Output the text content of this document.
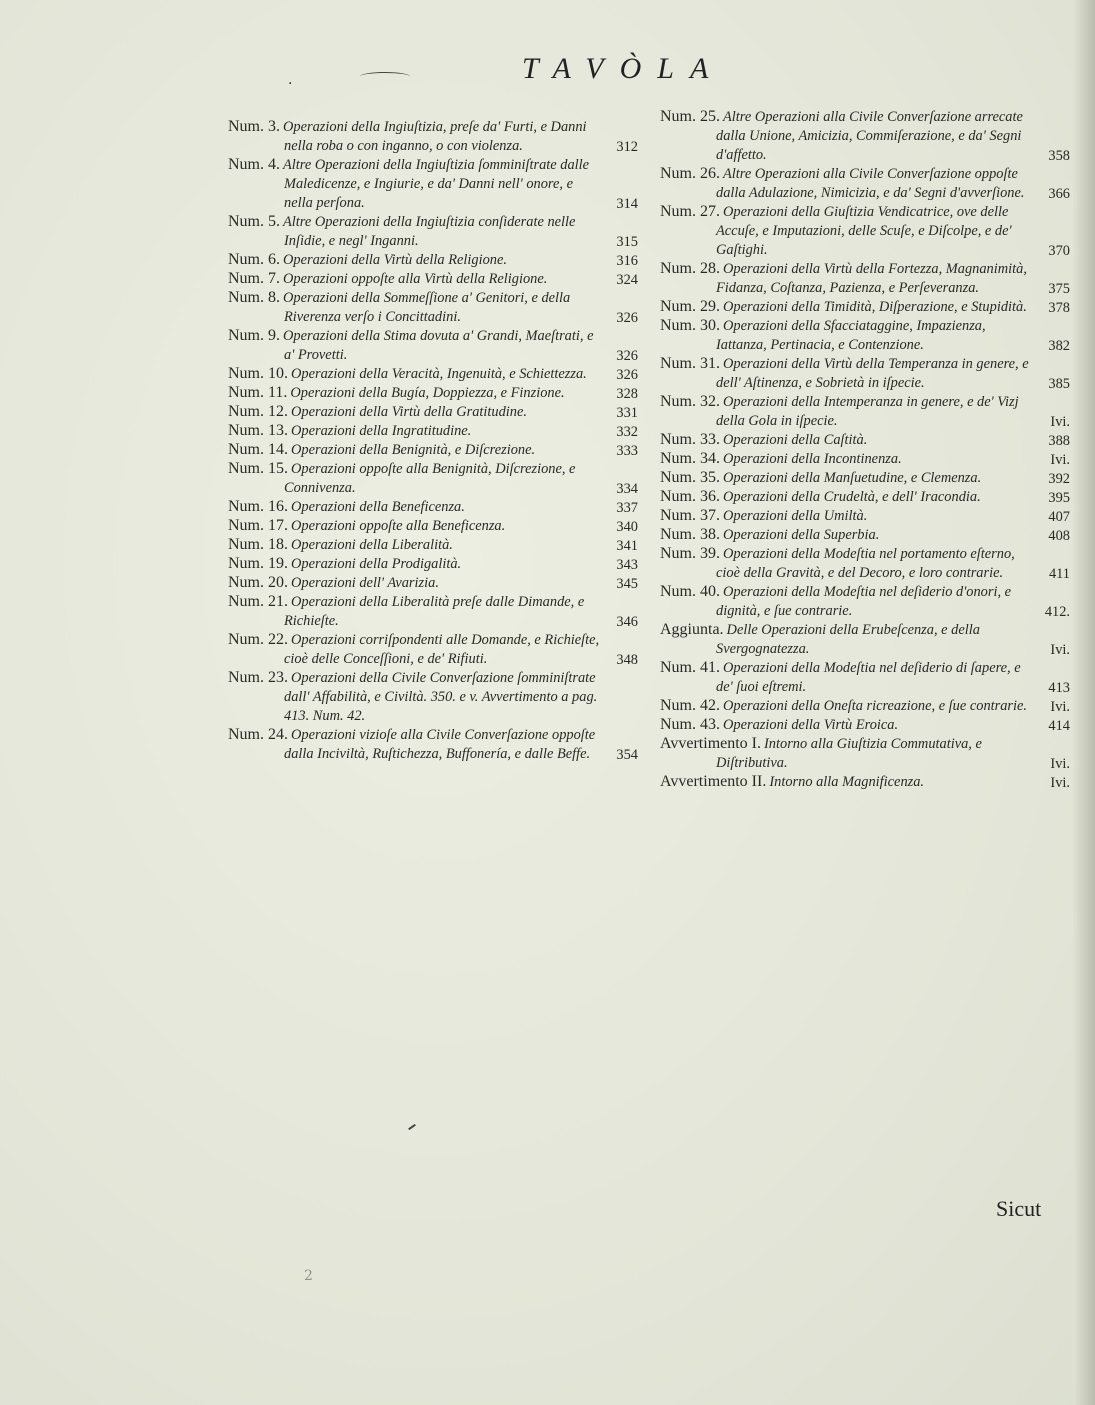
.	TAVÒLA
Num. 3. Operazioni della Ingiuſtizia, preſe da' Furti, e Danni nella roba o con inganno, o con violenza.	312
Num. 4. Altre Operazioni della Ingiuſtizia ſomminiſtrate dalle Maledicenze, e Ingiurie, e da' Danni nell' onore, e nella perſona.	314
Num. 5. Altre Operazioni della Ingiuſtizia conſiderate nelle Inſidie, e negl' Inganni.	315
Num. 6. Operazioni della Virtù della Religione.	316
Num. 7. Operazioni oppoſte alla Virtù della Religione.	324
Num. 8. Operazioni della Sommeſſione a' Genitori, e della Riverenza verſo i Concittadini.	326
Num. 9. Operazioni della Stima dovuta a' Grandi, Maeſtrati, e a' Provetti.	326
Num. 10. Operazioni della Veracità, Ingenuità, e Schiettezza.	326
Num. 11. Operazioni della Bugía, Doppiezza, e Finzione.	328
Num. 12. Operazioni della Virtù della Gratitudine.	331
Num. 13. Operazioni della Ingratitudine.	332
Num. 14. Operazioni della Benignità, e Diſcrezione.	333
Num. 15. Operazioni oppoſte alla Benignità, Diſcrezione, e Connivenza.	334
Num. 16. Operazioni della Beneficenza.	337
Num. 17. Operazioni oppoſte alla Beneficenza.	340
Num. 18. Operazioni della Liberalità.	341
Num. 19. Operazioni della Prodigalità.	343
Num. 20. Operazioni dell' Avarizia.	345
Num. 21. Operazioni della Liberalità preſe dalle Dimande, e Richieſte.	346
Num. 22. Operazioni corriſpondenti alle Domande, e Richieſte, cioè delle Conceſſioni, e de' Rifiuti.	348
Num. 23. Operazioni della Civile Converſazione ſomminiſtrate dall' Affabilità, e Civiltà. 350. e v. Avvertimento a pag. 413. Num. 42.
Num. 24. Operazioni vizioſe alla Civile Converſazione oppoſte dalla Inciviltà, Ruſtichezza, Buffonería, e dalle Beffe.	354
Num. 25. Altre Operazioni alla Civile Converſazione arrecate dalla Unione, Amicizia, Commiſerazione, e da' Segni d'affetto.	358
Num. 26. Altre Operazioni alla Civile Converſazione oppoſte dalla Adulazione, Nimicizia, e da' Segni d'avverſione.	366
Num. 27. Operazioni della Giuſtizia Vendicatrice, ove delle Accuſe, e Imputazioni, delle Scuſe, e Diſcolpe, e de' Gaſtighi.	370
Num. 28. Operazioni della Virtù della Fortezza, Magnanimità, Fidanza, Coſtanza, Pazienza, e Perſeveranza.	375
Num. 29. Operazioni della Timidità, Diſperazione, e Stupidità.	378
Num. 30. Operazioni della Sfacciataggine, Impazienza, Iattanza, Pertinacia, e Contenzione.	382
Num. 31. Operazioni della Virtù della Temperanza in genere, e dell' Aſtinenza, e Sobrietà in iſpecie.	385
Num. 32. Operazioni della Intemperanza in genere, e de' Vizj della Gola in iſpecie.	Ivi.
Num. 33. Operazioni della Caſtità.	388
Num. 34. Operazioni della Incontinenza.	Ivi.
Num. 35. Operazioni della Manſuetudine, e Clemenza.	392
Num. 36. Operazioni della Crudeltà, e dell' Iracondia.	395
Num. 37. Operazioni della Umiltà.	407
Num. 38. Operazioni della Superbia.	408
Num. 39. Operazioni della Modeſtia nel portamento eſterno, cioè della Gravità, e del Decoro, e loro contrarie.	411
Num. 40. Operazioni della Modeſtia nel deſiderio d'onori, e dignità, e ſue contrarie.	412.
Aggiunta. Delle Operazioni della Erubeſcenza, e della Svergognatezza.	Ivi.
Num. 41. Operazioni della Modeſtia nel deſiderio di ſapere, e de' ſuoi eſtremi.	413
Num. 42. Operazioni della Oneſta ricreazione, e ſue contrarie.	Ivi.
Num. 43. Operazioni della Virtù Eroica.	414
Avvertimento I. Intorno alla Giuſtizia Commutativa, e Diſtributiva.	Ivi.
Avvertimento II. Intorno alla Magnificenza.	Ivi.
2
Sicut
